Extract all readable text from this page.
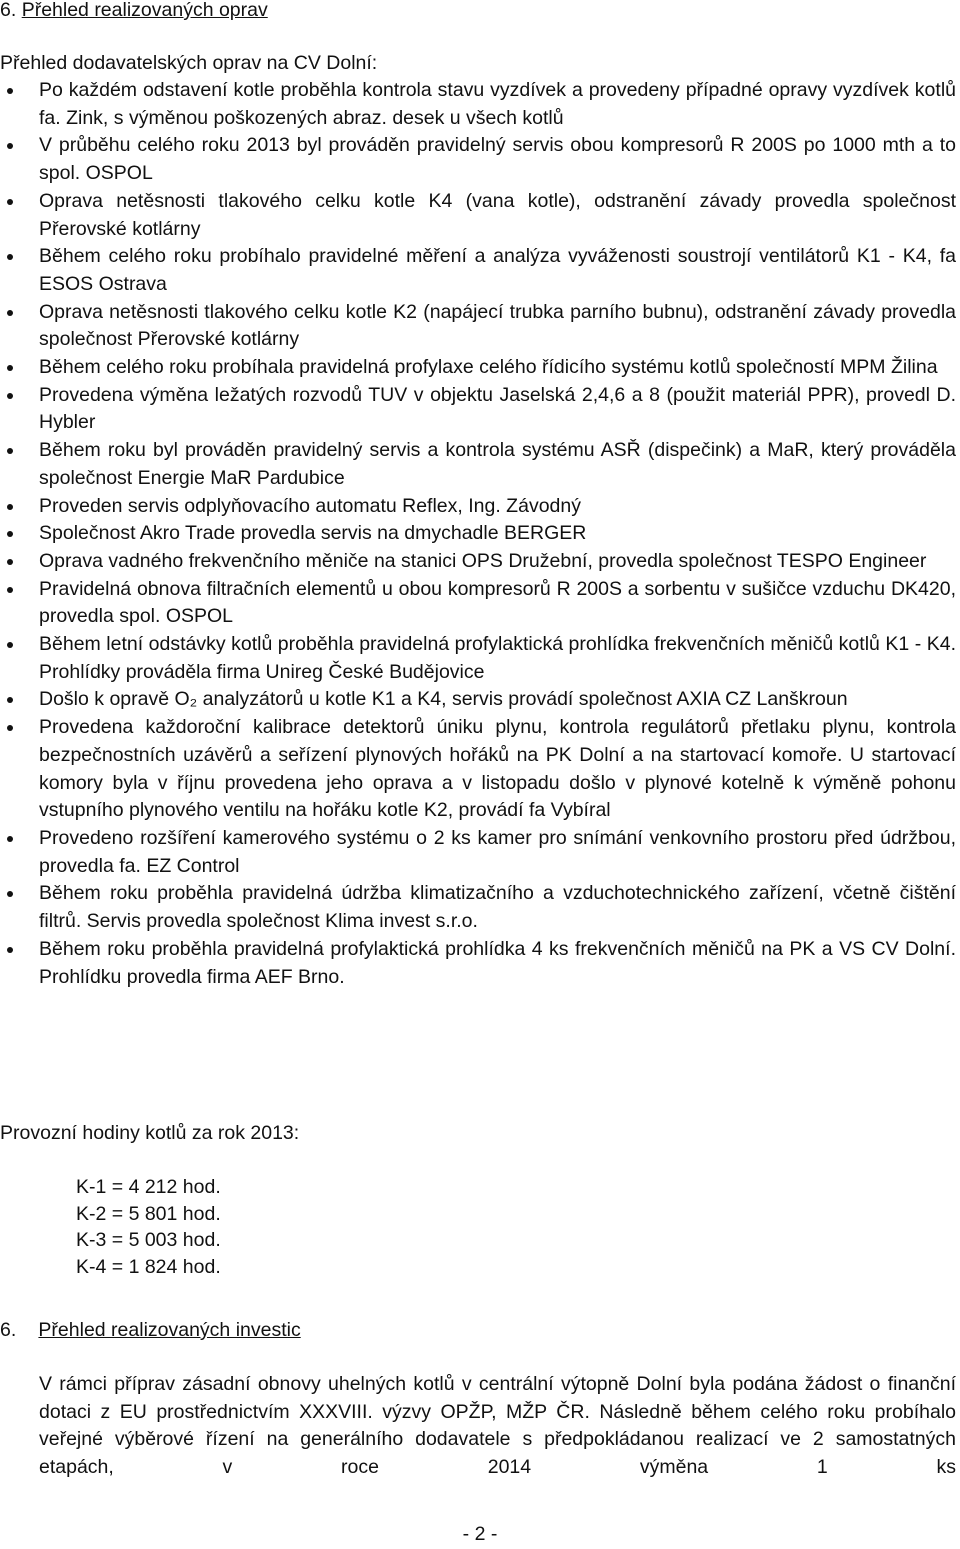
6. Přehled realizovaných oprav

Přehled dodavatelských oprav na CV Dolní:

Po každém odstavení kotle proběhla kontrola stavu vyzdívek a provedeny případné opravy vyzdívek kotlů fa. Zink, s výměnou poškozených abraz. desek u všech kotlů
V průběhu celého roku 2013 byl prováděn pravidelný servis obou kompresorů R 200S po 1000 mth a to spol. OSPOL
Oprava netěsnosti tlakového celku kotle K4 (vana kotle), odstranění závady provedla společnost Přerovské kotlárny
Během celého roku probíhalo pravidelné měření a analýza vyváženosti soustrojí ventilátorů K1 - K4, fa ESOS Ostrava
Oprava netěsnosti tlakového celku kotle K2 (napájecí trubka parního bubnu), odstranění závady provedla společnost Přerovské kotlárny
Během celého roku probíhala pravidelná profylaxe celého řídicího systému kotlů společností MPM Žilina
Provedena výměna ležatých rozvodů TUV v objektu Jaselská 2,4,6 a 8 (použit materiál PPR), provedl D. Hybler
Během roku byl prováděn pravidelný servis a kontrola systému ASŘ (dispečink) a MaR, který prováděla společnost Energie MaR Pardubice
Proveden servis odplyňovacího automatu Reflex, Ing. Závodný
Společnost Akro Trade provedla servis na dmychadle BERGER
Oprava vadného frekvenčního měniče na stanici OPS Družební, provedla společnost TESPO Engineer
Pravidelná obnova filtračních elementů u obou kompresorů R 200S a sorbentu v sušičce vzduchu DK420, provedla spol. OSPOL
Během letní odstávky kotlů proběhla pravidelná profylaktická prohlídka frekvenčních měničů kotlů K1 - K4. Prohlídky prováděla firma Unireg České Budějovice
Došlo k opravě O₂ analyzátorů u kotle K1 a K4, servis provádí společnost AXIA CZ Lanškroun
Provedena každoroční kalibrace detektorů úniku plynu, kontrola regulátorů přetlaku plynu, kontrola bezpečnostních uzávěrů a seřízení plynových hořáků na PK Dolní a na startovací komoře. U startovací komory byla v říjnu provedena jeho oprava a v listopadu došlo v plynové kotelně k výměně pohonu vstupního plynového ventilu na hořáku kotle K2, provádí fa Vybíral
Provedeno rozšíření kamerového systému o 2 ks kamer pro snímání venkovního prostoru před údržbou, provedla fa. EZ Control
Během roku proběhla pravidelná údržba klimatizačního a vzduchotechnického zařízení, včetně čištění filtrů. Servis provedla společnost Klima invest s.r.o.
Během roku proběhla pravidelná profylaktická prohlídka 4 ks frekvenčních měničů na PK a VS CV Dolní. Prohlídku provedla firma AEF Brno.

Provozní hodiny kotlů za rok 2013:

K-1 = 4 212 hod.
K-2 = 5 801 hod.
K-3 = 5 003 hod.
K-4 = 1 824 hod.
6. Přehled realizovaných investic

V rámci příprav zásadní obnovy uhelných kotlů v centrální výtopně Dolní byla podána žádost o finanční dotaci z EU prostřednictvím XXXVIII. výzvy OPŽP, MŽP ČR. Následně během celého roku probíhalo veřejné výběrové řízení na generálního dodavatele s předpokládanou realizací ve 2 samostatných etapách, v roce 2014 výměna 1 ks

- 2 -
